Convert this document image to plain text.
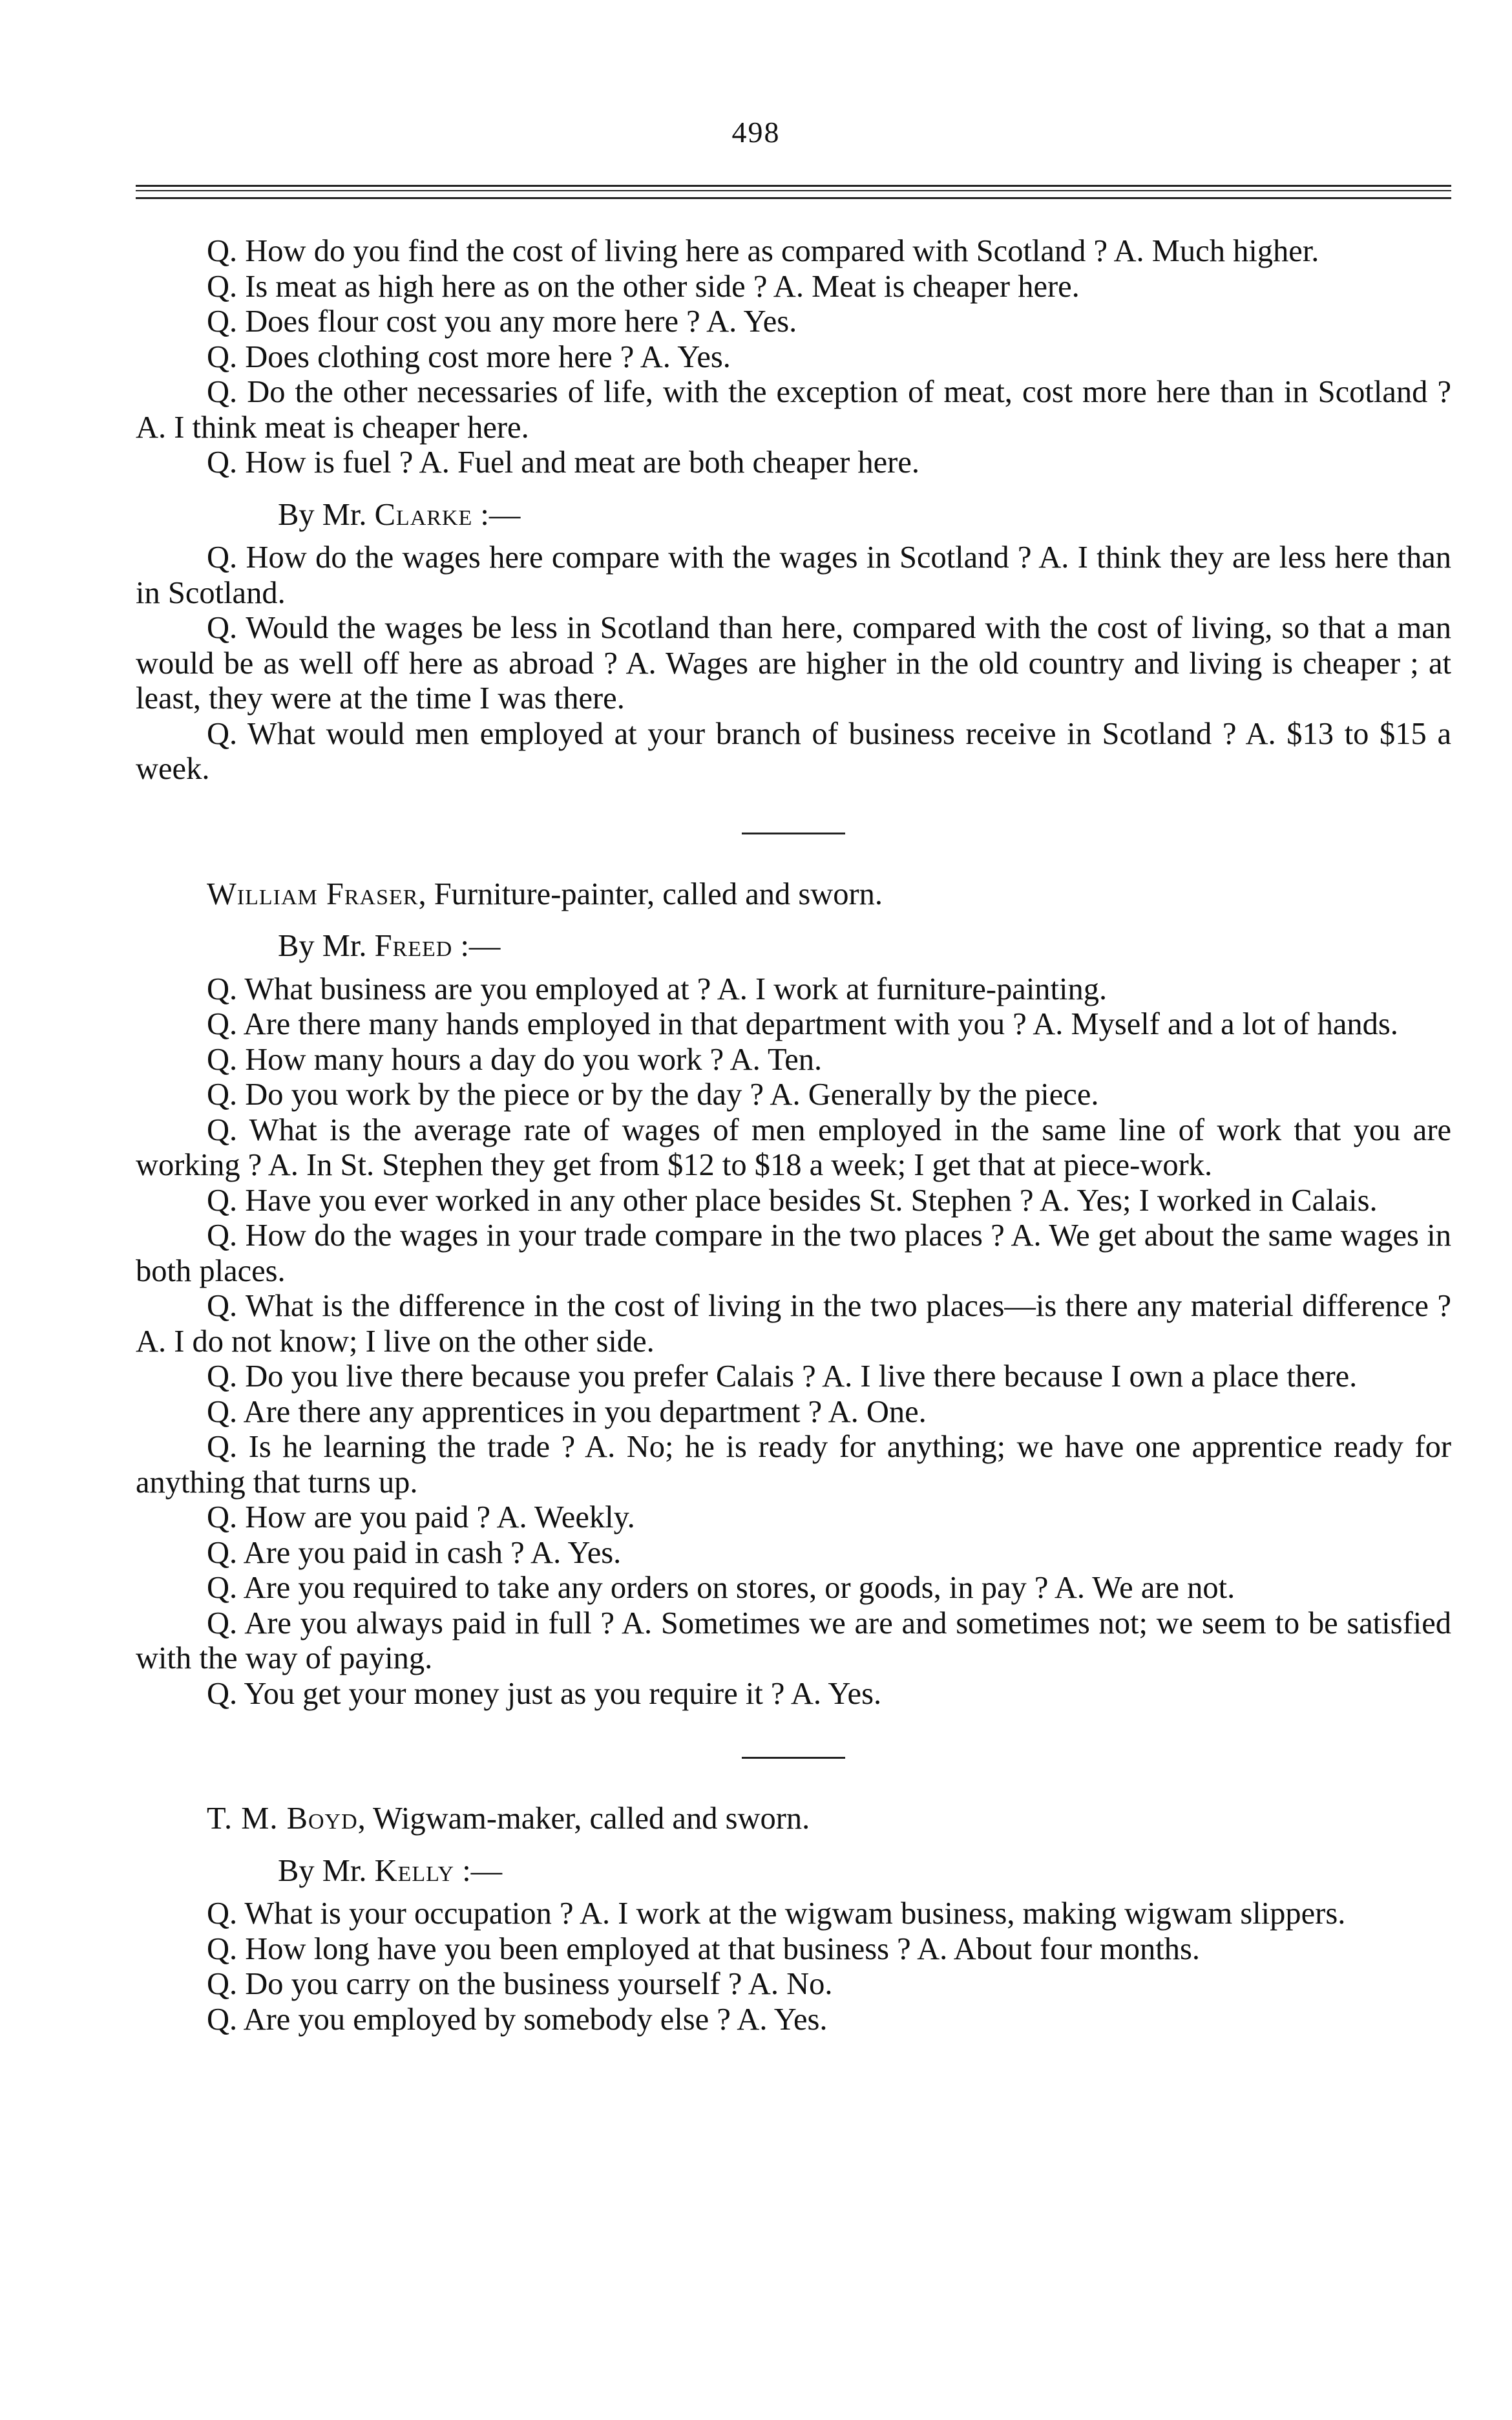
498

Q. How do you find the cost of living here as compared with Scotland ? A. Much higher.

Q. Is meat as high here as on the other side ? A. Meat is cheaper here.

Q. Does flour cost you any more here ? A. Yes.

Q. Does clothing cost more here ? A. Yes.

Q. Do the other necessaries of life, with the exception of meat, cost more here than in Scotland ? A. I think meat is cheaper here.

Q. How is fuel ? A. Fuel and meat are both cheaper here.

By Mr. Clarke :—

Q. How do the wages here compare with the wages in Scotland ? A. I think they are less here than in Scotland.

Q. Would the wages be less in Scotland than here, compared with the cost of living, so that a man would be as well off here as abroad ? A. Wages are higher in the old country and living is cheaper ; at least, they were at the time I was there.

Q. What would men employed at your branch of business receive in Scotland ? A. $13 to $15 a week.

William Fraser, Furniture-painter, called and sworn.

By Mr. Freed :—

Q. What business are you employed at ? A. I work at furniture-painting.

Q. Are there many hands employed in that department with you ? A. Myself and a lot of hands.

Q. How many hours a day do you work ? A. Ten.

Q. Do you work by the piece or by the day ? A. Generally by the piece.

Q. What is the average rate of wages of men employed in the same line of work that you are working ? A. In St. Stephen they get from $12 to $18 a week; I get that at piece-work.

Q. Have you ever worked in any other place besides St. Stephen ? A. Yes; I worked in Calais.

Q. How do the wages in your trade compare in the two places ? A. We get about the same wages in both places.

Q. What is the difference in the cost of living in the two places—is there any material difference ? A. I do not know; I live on the other side.

Q. Do you live there because you prefer Calais ? A. I live there because I own a place there.

Q. Are there any apprentices in you department ? A. One.

Q. Is he learning the trade ? A. No; he is ready for anything; we have one apprentice ready for anything that turns up.

Q. How are you paid ? A. Weekly.

Q. Are you paid in cash ? A. Yes.

Q. Are you required to take any orders on stores, or goods, in pay ? A. We are not.

Q. Are you always paid in full ? A. Sometimes we are and sometimes not; we seem to be satisfied with the way of paying.

Q. You get your money just as you require it ? A. Yes.

T. M. Boyd, Wigwam-maker, called and sworn.

By Mr. Kelly :—

Q. What is your occupation ? A. I work at the wigwam business, making wigwam slippers.

Q. How long have you been employed at that business ? A. About four months.

Q. Do you carry on the business yourself ? A. No.

Q. Are you employed by somebody else ? A. Yes.
